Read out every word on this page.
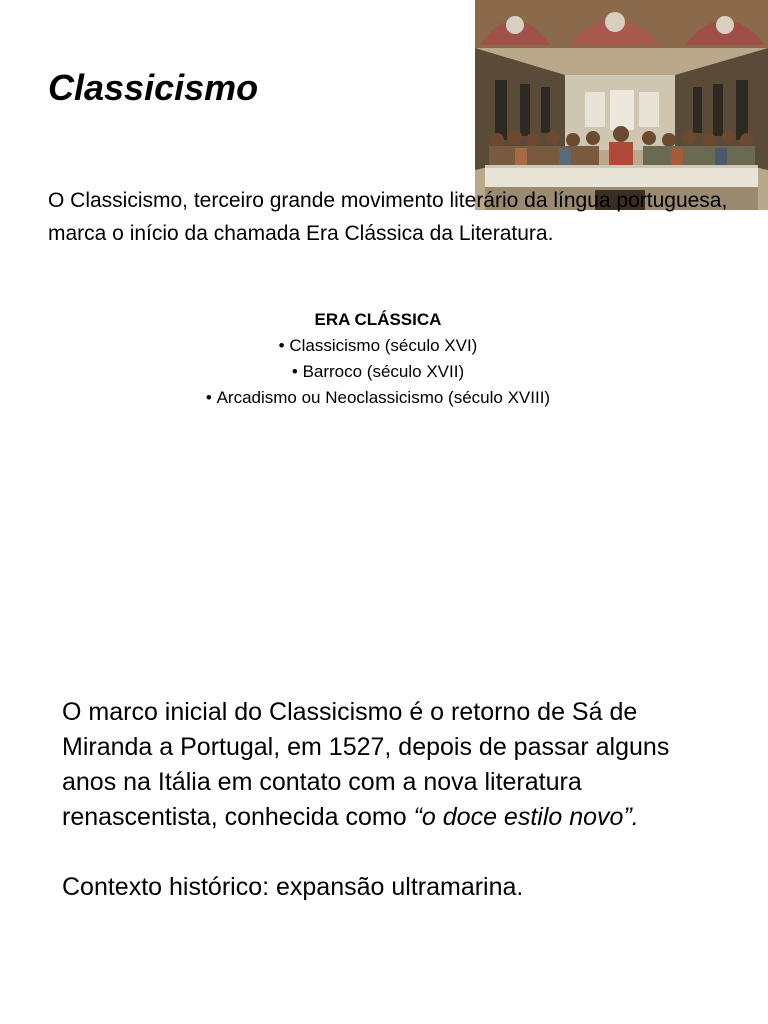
Classicismo

O Classicismo, terceiro grande movimento literário da língua portuguesa, marca o início da chamada Era Clássica da Literatura.

ERA CLÁSSICA
• Classicismo (século XVI)
• Barroco (século XVII)
• Arcadismo ou Neoclassicismo (século XVIII)

O marco inicial do Classicismo é o retorno de Sá de Miranda a Portugal, em 1527, depois de passar alguns anos na Itália em contato com a nova literatura renascentista, conhecida como “o doce estilo novo”.

Contexto histórico: expansão ultramarina.
